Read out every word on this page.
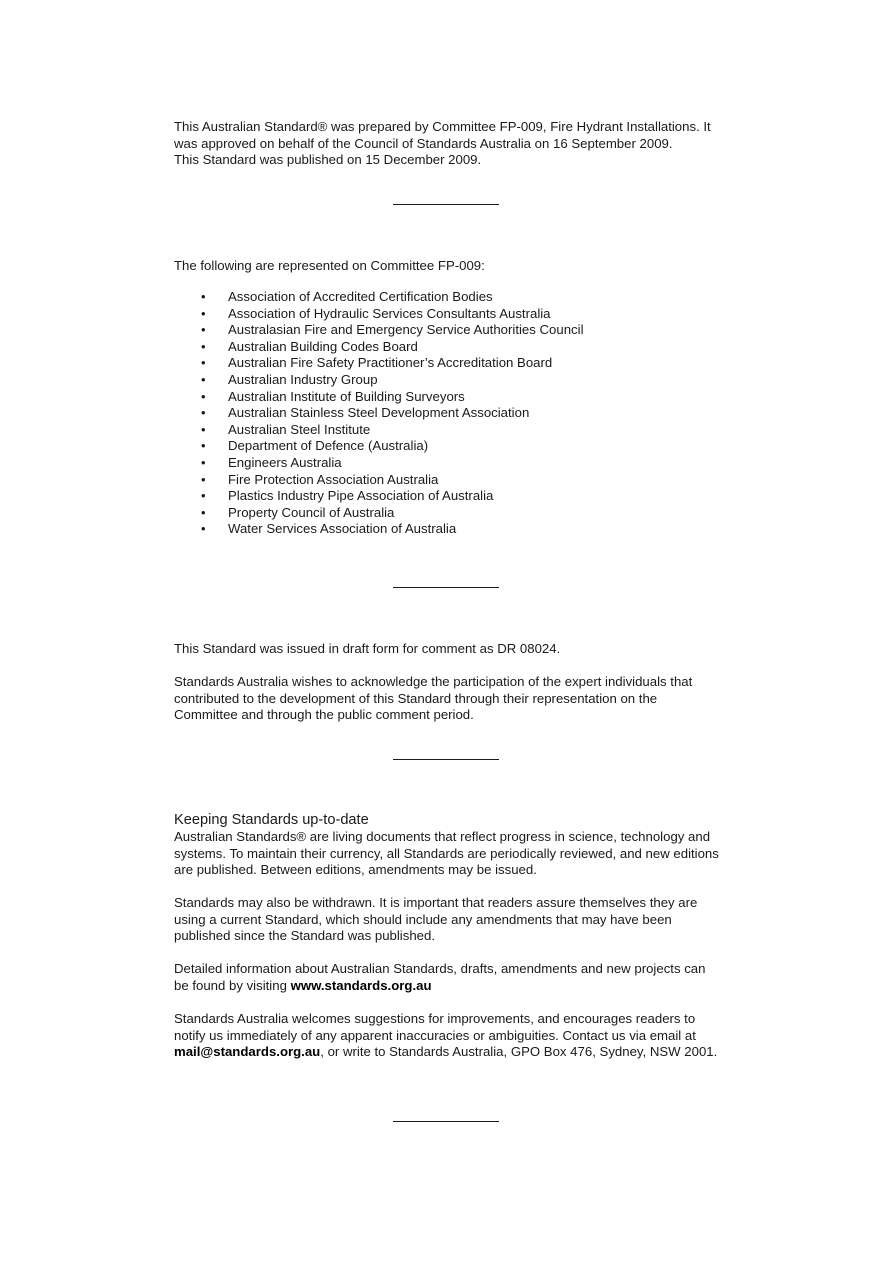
This Australian Standard® was prepared by Committee FP-009, Fire Hydrant Installations. It

was approved on behalf of the Council of Standards Australia on 16 September 2009.

This Standard was published on 15 December 2009.

The following are represented on Committee FP-009:

• Association of Accredited Certification Bodies
• Association of Hydraulic Services Consultants Australia
• Australasian Fire and Emergency Service Authorities Council
• Australian Building Codes Board
• Australian Fire Safety Practitioner’s Accreditation Board
• Australian Industry Group
• Australian Institute of Building Surveyors
• Australian Stainless Steel Development Association
• Australian Steel Institute
• Department of Defence (Australia)
• Engineers Australia
• Fire Protection Association Australia
• Plastics Industry Pipe Association of Australia
• Property Council of Australia
• Water Services Association of Australia

This Standard was issued in draft form for comment as DR 08024.

Standards Australia wishes to acknowledge the participation of the expert individuals that

contributed to the development of this Standard through their representation on the

Committee and through the public comment period.

Keeping Standards up-to-date

Australian Standards® are living documents that reflect progress in science, technology and

systems. To maintain their currency, all Standards are periodically reviewed, and new editions

are published. Between editions, amendments may be issued.

Standards may also be withdrawn. It is important that readers assure themselves they are

using a current Standard, which should include any amendments that may have been

published since the Standard was published.

Detailed information about Australian Standards, drafts, amendments and new projects can

be found by visiting www.standards.org.au

Standards Australia welcomes suggestions for improvements, and encourages readers to

notify us immediately of any apparent inaccuracies or ambiguities. Contact us via email at

mail@standards.org.au, or write to Standards Australia, GPO Box 476, Sydney, NSW 2001.
